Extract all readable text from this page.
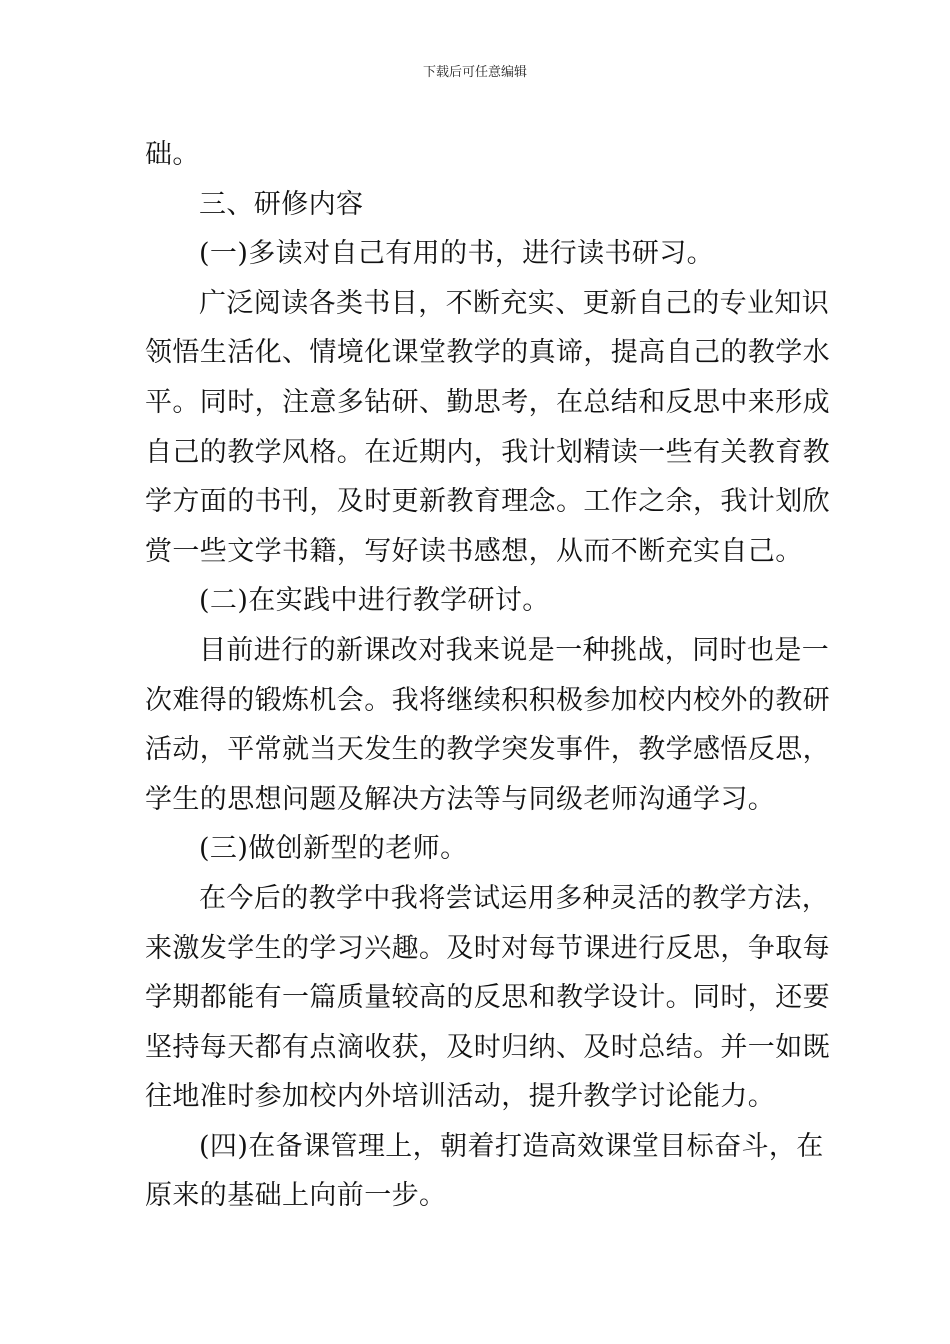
下载后可任意编辑
础。
三、研修内容
(一)多读对自己有用的书，进行读书研习。
广泛阅读各类书目，不断充实、更新自己的专业知识
领悟生活化、情境化课堂教学的真谛，提高自己的教学水
平。同时，注意多钻研、勤思考，在总结和反思中来形成
自己的教学风格。在近期内，我计划精读一些有关教育教
学方面的书刊，及时更新教育理念。工作之余，我计划欣
赏一些文学书籍，写好读书感想，从而不断充实自己。
(二)在实践中进行教学研讨。
目前进行的新课改对我来说是一种挑战，同时也是一
次难得的锻炼机会。我将继续积积极参加校内校外的教研
活动，平常就当天发生的教学突发事件，教学感悟反思，
学生的思想问题及解决方法等与同级老师沟通学习。
(三)做创新型的老师。
在今后的教学中我将尝试运用多种灵活的教学方法，
来激发学生的学习兴趣。及时对每节课进行反思，争取每
学期都能有一篇质量较高的反思和教学设计。同时，还要
坚持每天都有点滴收获，及时归纳、及时总结。并一如既
往地准时参加校内外培训活动，提升教学讨论能力。
(四)在备课管理上，朝着打造高效课堂目标奋斗，在
原来的基础上向前一步。
